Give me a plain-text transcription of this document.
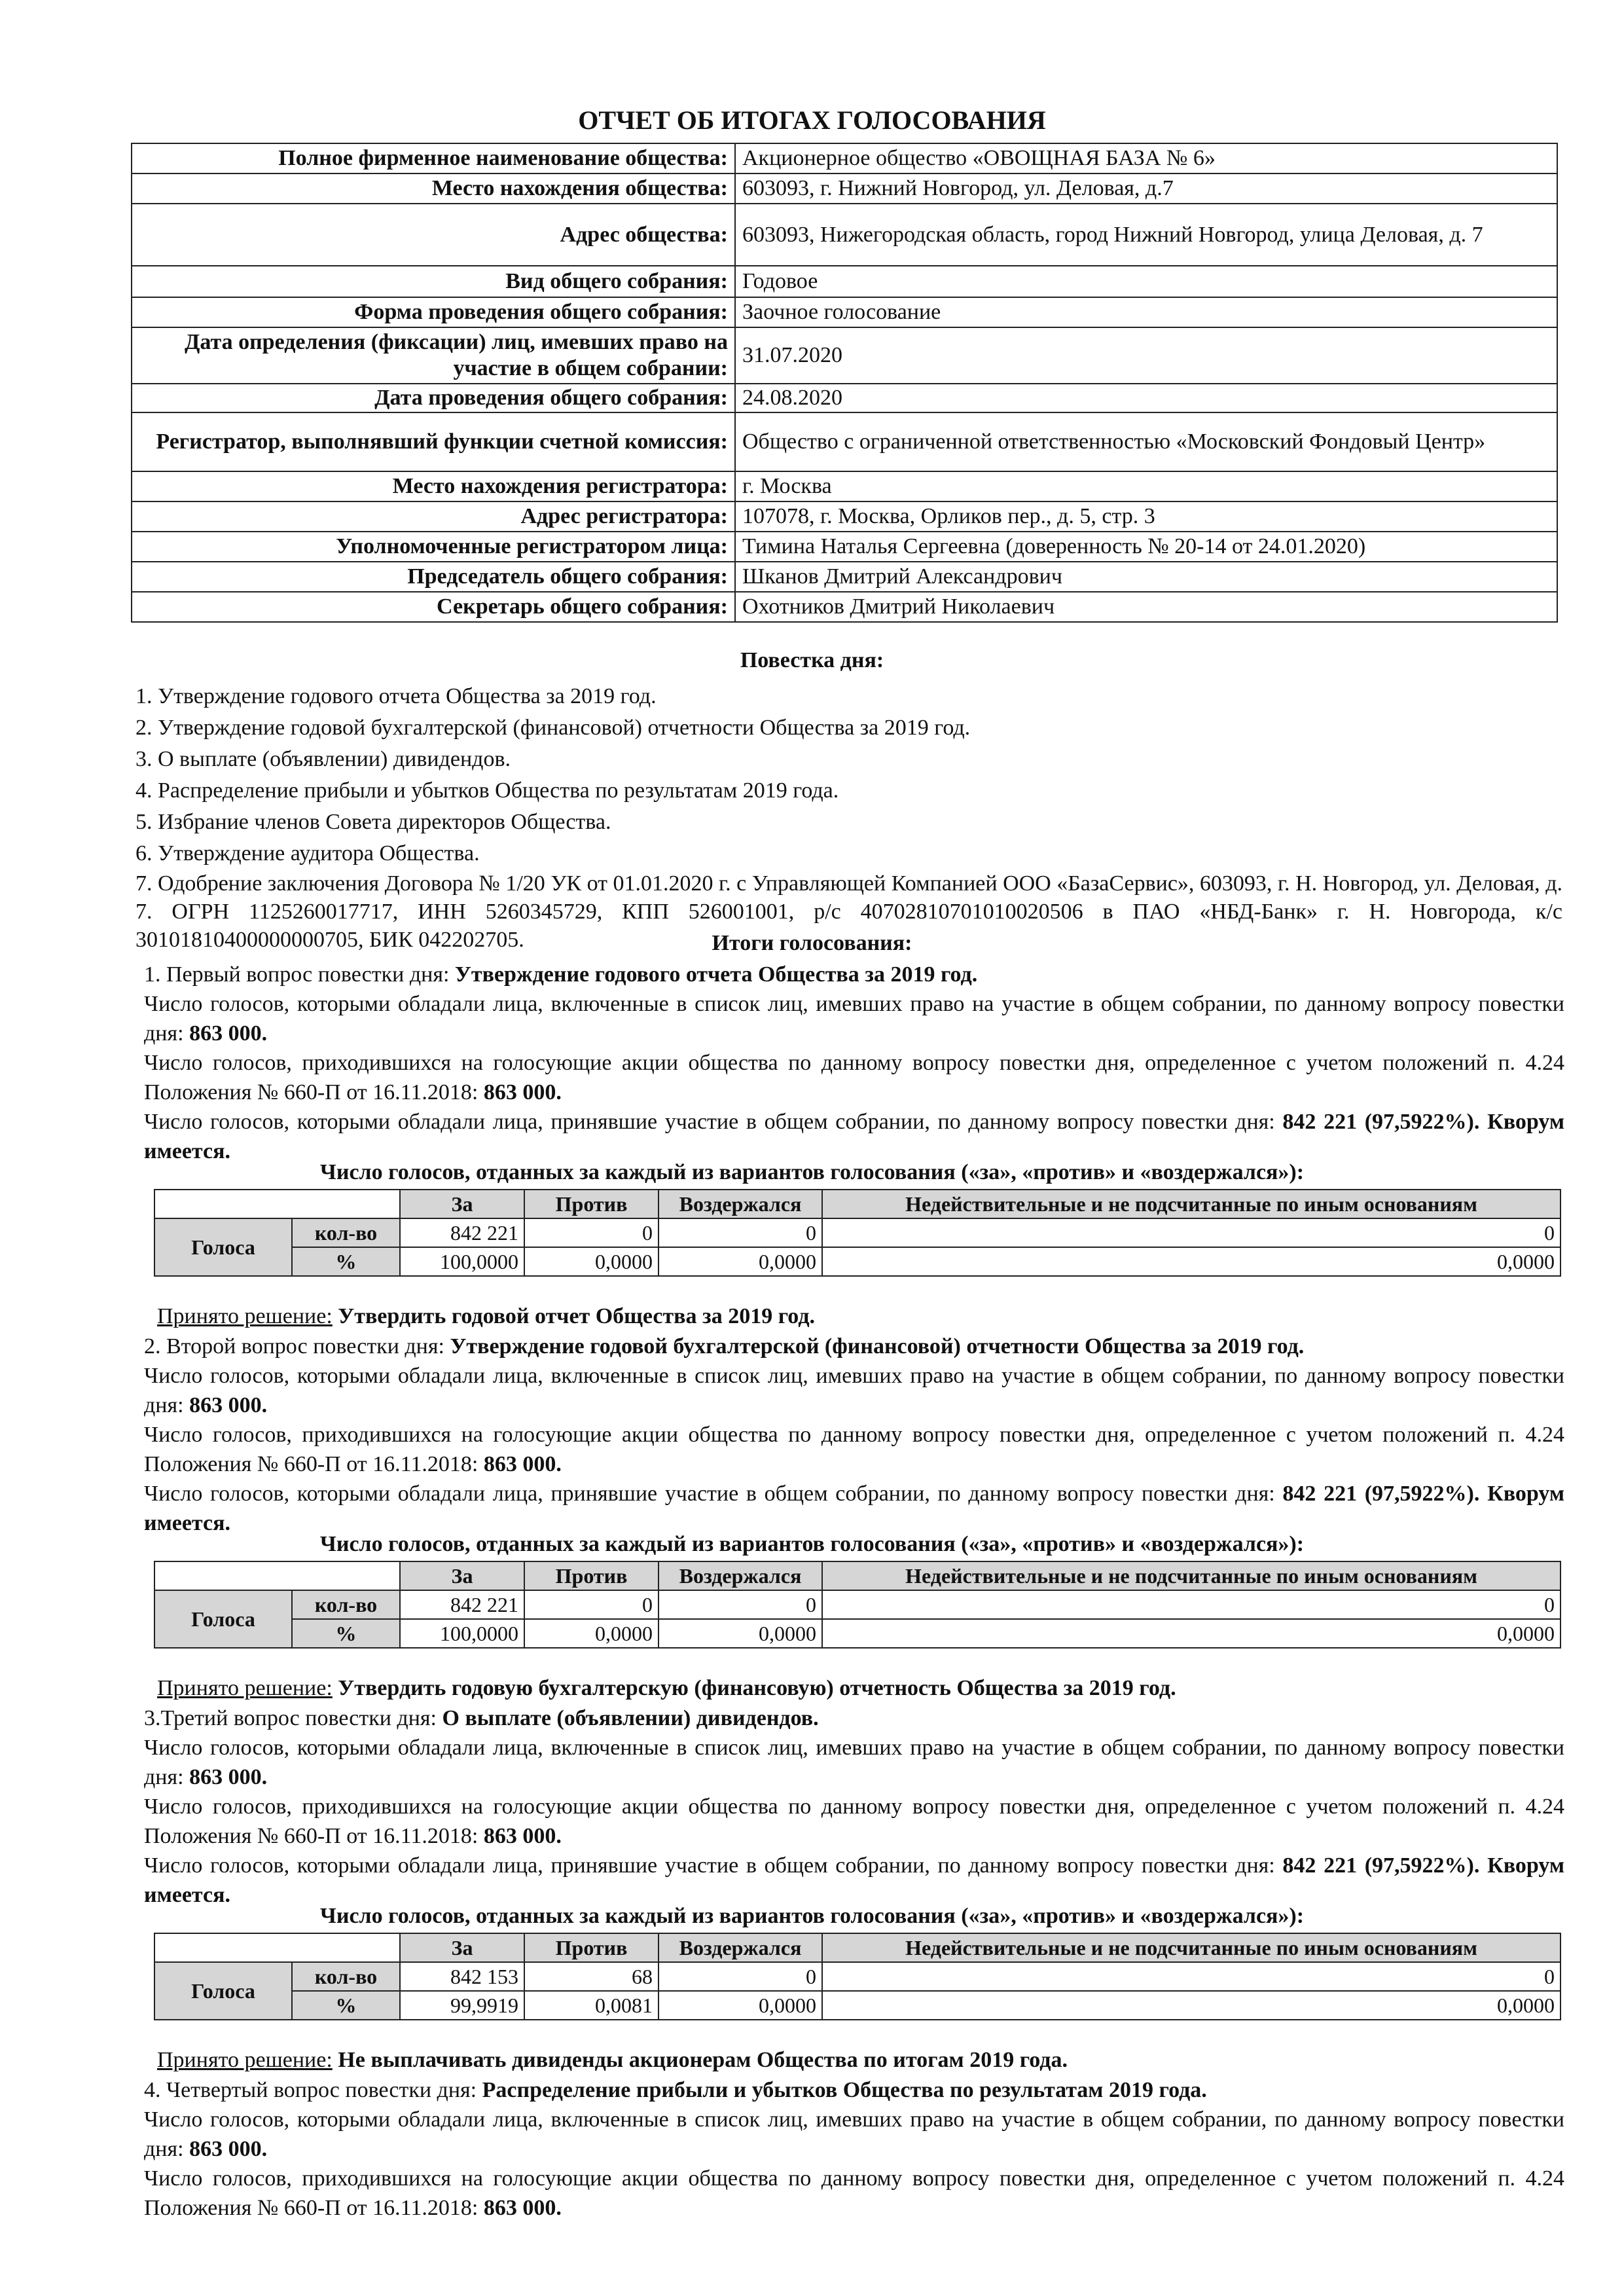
ОТЧЕТ ОБ ИТОГАХ ГОЛОСОВАНИЯ
Полное фирменное наименование общества:	Акционерное общество «ОВОЩНАЯ БАЗА № 6»
Место нахождения общества:	603093, г. Нижний Новгород, ул. Деловая, д.7
Адрес общества:	603093, Нижегородская область, город Нижний Новгород, улица Деловая, д. 7
Вид общего собрания:	Годовое
Форма проведения общего собрания:	Заочное голосование
Дата определения (фиксации) лиц, имевших право на участие в общем собрании:	31.07.2020
Дата проведения общего собрания:	24.08.2020
Регистратор, выполнявший функции счетной комиссия:	Общество с ограниченной ответственностью «Московский Фондовый Центр»
Место нахождения регистратора:	г. Москва
Адрес регистратора:	107078, г. Москва, Орликов пер., д. 5, стр. 3
Уполномоченные регистратором лица:	Тимина Наталья Сергеевна (доверенность № 20-14 от 24.01.2020)
Председатель общего собрания:	Шканов Дмитрий Александрович
Секретарь общего собрания:	Охотников Дмитрий Николаевич
Повестка дня:
1. Утверждение годового отчета Общества за 2019 год.
2. Утверждение годовой бухгалтерской (финансовой) отчетности Общества за 2019 год.
3. О выплате (объявлении) дивидендов.
4. Распределение прибыли и убытков Общества по результатам 2019 года.
5. Избрание членов Совета директоров Общества.
6. Утверждение аудитора Общества.
7. Одобрение заключения Договора № 1/20 УК от 01.01.2020 г. с Управляющей Компанией ООО «БазаСервис», 603093, г. Н. Новгород, ул. Деловая, д. 7. ОГРН 1125260017717, ИНН 5260345729, КПП 526001001, р/с 40702810701010020506 в ПАО «НБД-Банк» г. Н. Новгорода, к/с 30101810400000000705, БИК 042202705.	Итоги голосования:
1. Первый вопрос повестки дня: Утверждение годового отчета Общества за 2019 год.
Число голосов, которыми обладали лица, включенные в список лиц, имевших право на участие в общем собрании, по данному вопросу повестки дня: 863 000.
Число голосов, приходившихся на голосующие акции общества по данному вопросу повестки дня, определенное с учетом положений п. 4.24 Положения № 660-П от 16.11.2018: 863 000.
Число голосов, которыми обладали лица, принявшие участие в общем собрании, по данному вопросу повестки дня: 842 221 (97,5922%). Кворум имеется.
Число голосов, отданных за каждый из вариантов голосования («за», «против» и «воздержался»):
		За	Против	Воздержался	Недействительные и не подсчитанные по иным основаниям
Голоса	кол-во	842 221	0	0	0
	%	100,0000	0,0000	0,0000	0,0000
Принято решение: Утвердить годовой отчет Общества за 2019 год.
2. Второй вопрос повестки дня: Утверждение годовой бухгалтерской (финансовой) отчетности Общества за 2019 год.
Число голосов, которыми обладали лица, включенные в список лиц, имевших право на участие в общем собрании, по данному вопросу повестки дня: 863 000.
Число голосов, приходившихся на голосующие акции общества по данному вопросу повестки дня, определенное с учетом положений п. 4.24 Положения № 660-П от 16.11.2018: 863 000.
Число голосов, которыми обладали лица, принявшие участие в общем собрании, по данному вопросу повестки дня: 842 221 (97,5922%). Кворум имеется.
Число голосов, отданных за каждый из вариантов голосования («за», «против» и «воздержался»):
		За	Против	Воздержался	Недействительные и не подсчитанные по иным основаниям
Голоса	кол-во	842 221	0	0	0
	%	100,0000	0,0000	0,0000	0,0000
Принято решение: Утвердить годовую бухгалтерскую (финансовую) отчетность Общества за 2019 год.
3.Третий вопрос повестки дня: О выплате (объявлении) дивидендов.
Число голосов, которыми обладали лица, включенные в список лиц, имевших право на участие в общем собрании, по данному вопросу повестки дня: 863 000.
Число голосов, приходившихся на голосующие акции общества по данному вопросу повестки дня, определенное с учетом положений п. 4.24 Положения № 660-П от 16.11.2018: 863 000.
Число голосов, которыми обладали лица, принявшие участие в общем собрании, по данному вопросу повестки дня: 842 221 (97,5922%). Кворум имеется.
Число голосов, отданных за каждый из вариантов голосования («за», «против» и «воздержался»):
		За	Против	Воздержался	Недействительные и не подсчитанные по иным основаниям
Голоса	кол-во	842 153	68	0	0
	%	99,9919	0,0081	0,0000	0,0000
Принято решение: Не выплачивать дивиденды акционерам Общества по итогам 2019 года.
4. Четвертый вопрос повестки дня: Распределение прибыли и убытков Общества по результатам 2019 года.
Число голосов, которыми обладали лица, включенные в список лиц, имевших право на участие в общем собрании, по данному вопросу повестки дня: 863 000.
Число голосов, приходившихся на голосующие акции общества по данному вопросу повестки дня, определенное с учетом положений п. 4.24 Положения № 660-П от 16.11.2018: 863 000.
